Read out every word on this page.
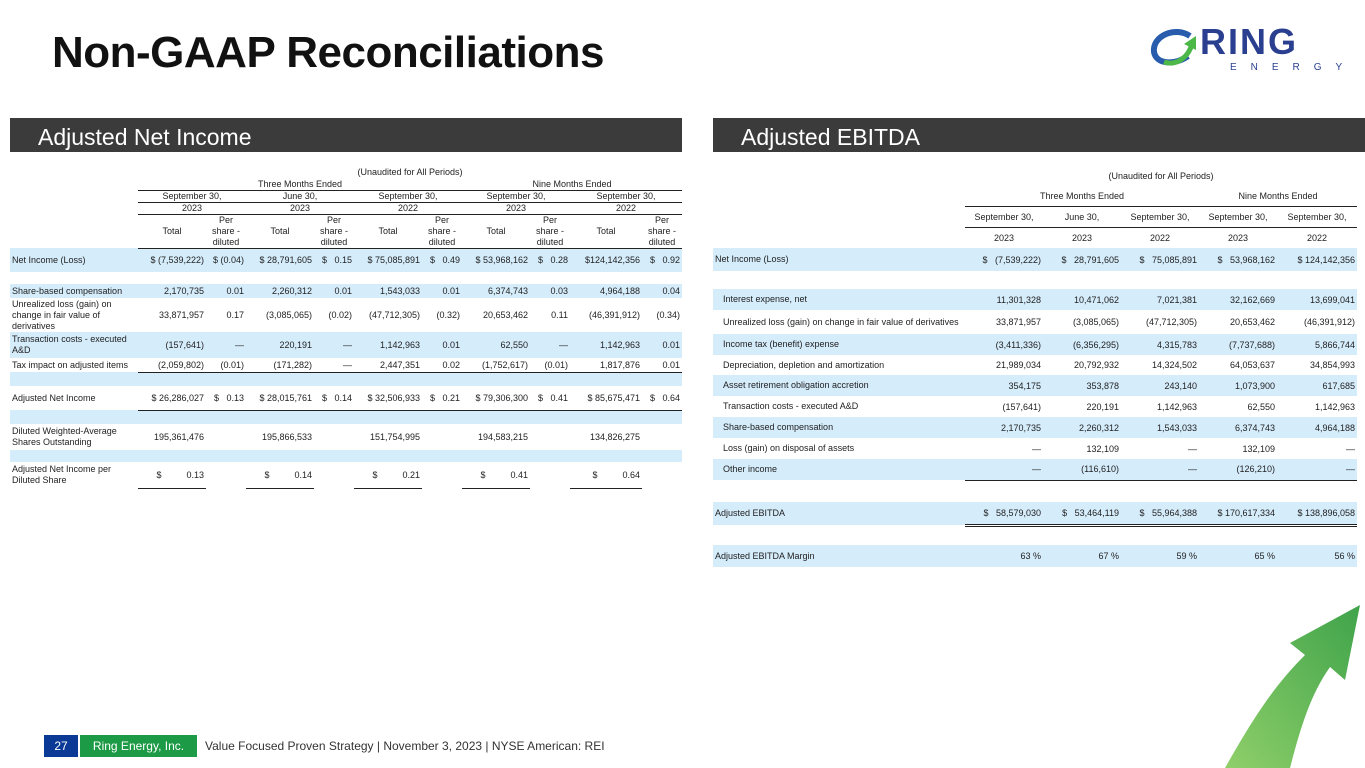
Non-GAAP Reconciliations	RING
ENERGY
Adjusted Net Income	Adjusted EBITDA
	(Unaudited for All Periods)									
	Three Months Ended						Nine Months Ended			
	September 30,		June 30,		September 30,		September 30,		September 30,	
	2023		2023		2022		2023		2022	
	Total	Per share - diluted	Total	Per share - diluted	Total	Per share - diluted	Total	Per share - diluted	Total	Per share - diluted
Net Income (Loss)	$ (7,539,222)	$ (0.04)	$ 28,791,605	$   0.15	$ 75,085,891	$   0.49	$ 53,968,162	$   0.28	$124,142,356	$   0.92

Share-based compensation	2,170,735	0.01	2,260,312	0.01	1,543,033	0.01	6,374,743	0.03	4,964,188	0.04
Unrealized loss (gain) on change in fair value of derivatives	33,871,957	0.17	(3,085,065)	(0.02)	(47,712,305)	(0.32)	20,653,462	0.11	(46,391,912)	(0.34)
Transaction costs - executed A&D	(157,641)	—	220,191	—	1,142,963	0.01	62,550	—	1,142,963	0.01
Tax impact on adjusted items	(2,059,802)	(0.01)	(171,282)	—	2,447,351	0.02	(1,752,617)	(0.01)	1,817,876	0.01

Adjusted Net Income	$ 26,286,027	$   0.13	$ 28,015,761	$   0.14	$ 32,506,933	$   0.21	$ 79,306,300	$   0.41	$ 85,675,471	$   0.64

Diluted Weighted-Average Shares Outstanding	195,361,476		195,866,533		151,754,995		194,583,215		134,826,275	

Adjusted Net Income per Diluted Share	$          0.13		$          0.14		$          0.21		$          0.41		$          0.64	
	(Unaudited for All Periods)				
	Three Months Ended			Nine Months Ended	
	September 30,	June 30,	September 30,	September 30,	September 30,
	2023	2023	2022	2023	2022
Net Income (Loss)	$   (7,539,222)	$   28,791,605	$   75,085,891	$   53,968,162	$ 124,142,356

Interest expense, net	11,301,328	10,471,062	7,021,381	32,162,669	13,699,041
Unrealized loss (gain) on change in fair value of derivatives	33,871,957	(3,085,065)	(47,712,305)	20,653,462	(46,391,912)
Income tax (benefit) expense	(3,411,336)	(6,356,295)	4,315,783	(7,737,688)	5,866,744
Depreciation, depletion and amortization	21,989,034	20,792,932	14,324,502	64,053,637	34,854,993
Asset retirement obligation accretion	354,175	353,878	243,140	1,073,900	617,685
Transaction costs - executed A&D	(157,641)	220,191	1,142,963	62,550	1,142,963
Share-based compensation	2,170,735	2,260,312	1,543,033	6,374,743	4,964,188
Loss (gain) on disposal of assets	—	132,109	—	132,109	—
Other income	—	(116,610)	—	(126,210)	—

Adjusted EBITDA	$   58,579,030	$   53,464,119	$   55,964,388	$ 170,617,334	$ 138,896,058

Adjusted EBITDA Margin	63 %	67 %	59 %	65 %	56 %
27	Ring Energy, Inc.	Value Focused Proven Strategy | November 3, 2023 | NYSE American: REI
